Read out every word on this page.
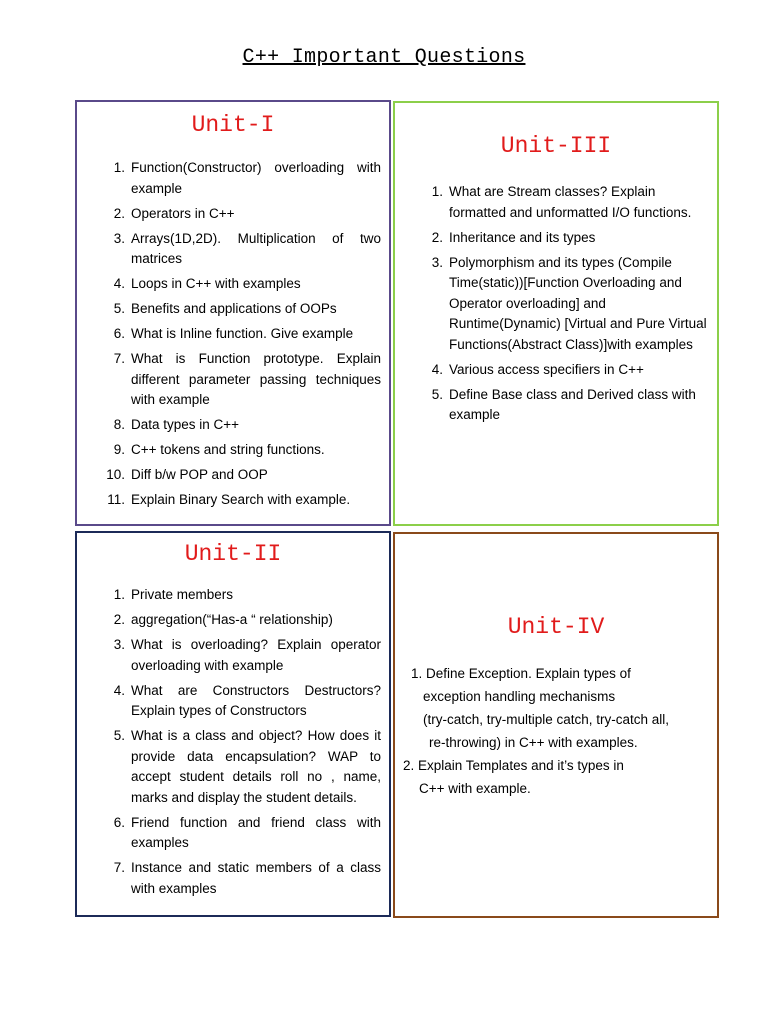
C++ Important Questions
Unit-I
1. Function(Constructor) overloading with example
2. Operators in C++
3. Arrays(1D,2D). Multiplication of two matrices
4. Loops in C++ with examples
5. Benefits and applications of OOPs
6. What is Inline function. Give example
7. What is Function prototype. Explain different parameter passing techniques with example
8. Data types in C++
9. C++ tokens and string functions.
10. Diff b/w POP and OOP
11. Explain Binary Search with example.
Unit-III
1. What are Stream classes? Explain formatted and unformatted I/O functions.
2. Inheritance and its types
3. Polymorphism and its types (Compile Time(static))[Function Overloading and Operator overloading] and Runtime(Dynamic) [Virtual and Pure Virtual Functions(Abstract Class)]with examples
4. Various access specifiers in C++
5. Define Base class and Derived class with example
Unit-II
1. Private members
2. aggregation(“Has-a “ relationship)
3. What is overloading? Explain operator overloading with example
4. What are Constructors Destructors? Explain types of Constructors
5. What is a class and object? How does it provide data encapsulation? WAP to accept student details roll no , name, marks and display the student details.
6. Friend function and friend class with examples
7. Instance and static members of a class with examples
Unit-IV
1. Define Exception. Explain types of
exception handling mechanisms
(try-catch, try-multiple catch, try-catch all,
re-throwing) in C++ with examples.
2. Explain Templates and it’s types in
C++ with example.
